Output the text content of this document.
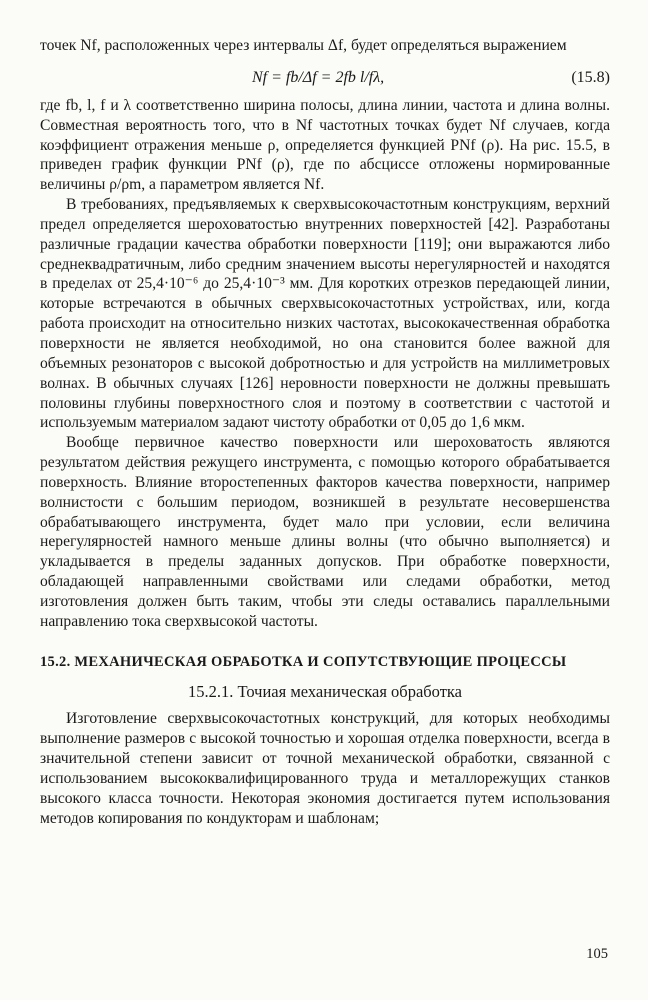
точек Nf, расположенных через интервалы Δf, будет определяться выражением

Nf = fb/Δf = 2fb l/fλ,	(15.8)

где fb, l, f и λ соответственно ширина полосы, длина линии, частота и длина волны. Совместная вероятность того, что в Nf частотных точках будет Nf случаев, когда коэффициент отражения меньше ρ, определяется функцией PNf (ρ). На рис. 15.5, в приведен график функции PNf (ρ), где по абсциссе отложены нормированные величины ρ/ρm, а параметром является Nf.

В требованиях, предъявляемых к сверхвысокочастотным конструкциям, верхний предел определяется шероховатостью внутренних поверхностей [42]. Разработаны различные градации качества обработки поверхности [119]; они выражаются либо среднеквадратичным, либо средним значением высоты нерегулярностей и находятся в пределах от 25,4·10⁻⁶ до 25,4·10⁻³ мм. Для коротких отрезков передающей линии, которые встречаются в обычных сверхвысокочастотных устройствах, или, когда работа происходит на относительно низких частотах, высококачественная обработка поверхности не является необходимой, но она становится более важной для объемных резонаторов с высокой добротностью и для устройств на миллиметровых волнах. В обычных случаях [126] неровности поверхности не должны превышать половины глубины поверхностного слоя и поэтому в соответствии с частотой и используемым материалом задают чистоту обработки от 0,05 до 1,6 мкм.

Вообще первичное качество поверхности или шероховатость являются результатом действия режущего инструмента, с помощью которого обрабатывается поверхность. Влияние второстепенных факторов качества поверхности, например волнистости с большим периодом, возникшей в результате несовершенства обрабатывающего инструмента, будет мало при условии, если величина нерегулярностей намного меньше длины волны (что обычно выполняется) и укладывается в пределы заданных допусков. При обработке поверхности, обладающей направленными свойствами или следами обработки, метод изготовления должен быть таким, чтобы эти следы оставались параллельными направлению тока сверхвысокой частоты.

15.2. МЕХАНИЧЕСКАЯ ОБРАБОТКА И СОПУТСТВУЮЩИЕ ПРОЦЕССЫ
15.2.1. Точиая механическая обработка

Изготовление сверхвысокочастотных конструкций, для которых необходимы выполнение размеров с высокой точностью и хорошая отделка поверхности, всегда в значительной степени зависит от точной механической обработки, связанной с использованием высококвалифицированного труда и металлорежущих станков высокого класса точности. Некоторая экономия достигается путем использования методов копирования по кондукторам и шаблонам;

105
